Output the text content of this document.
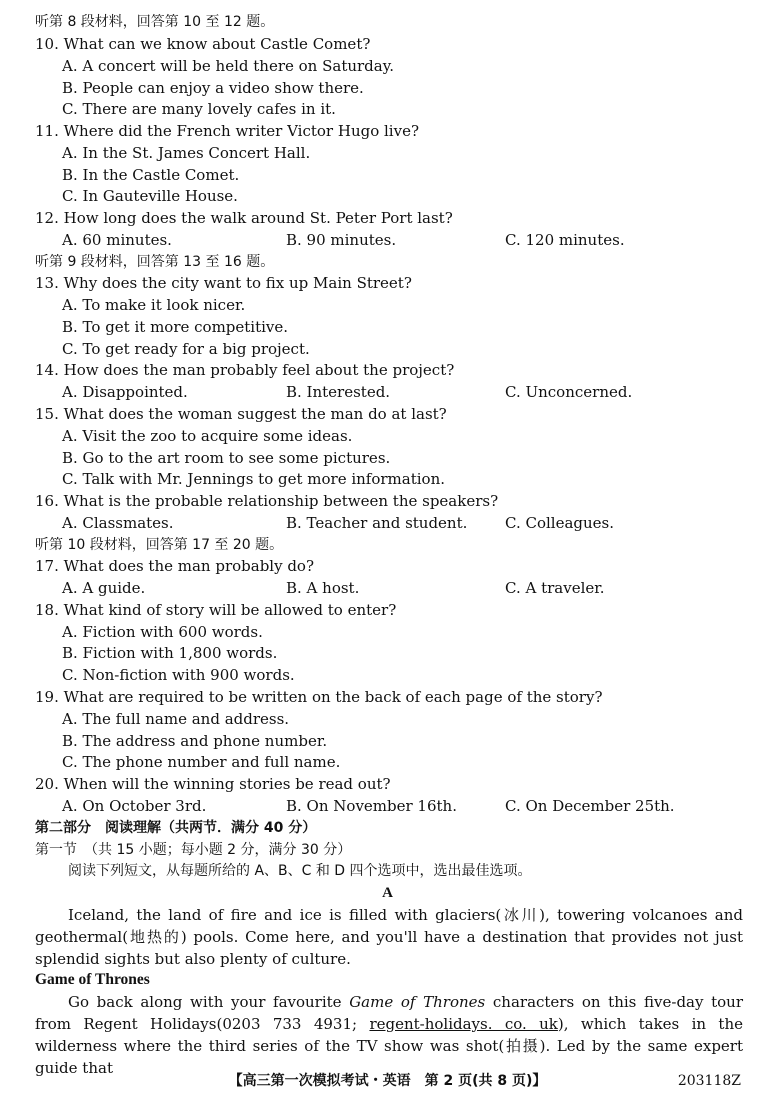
听第 8 段材料，回答第 10 至 12 题。
10. What can we know about Castle Comet?
A. A concert will be held there on Saturday.
B. People can enjoy a video show there.
C. There are many lovely cafes in it.
11. Where did the French writer Victor Hugo live?
A. In the St. James Concert Hall.
B. In the Castle Comet.
C. In Gauteville House.
12. How long does the walk around St. Peter Port last?
A. 60 minutes.	B. 90 minutes.	C. 120 minutes.
听第 9 段材料，回答第 13 至 16 题。
13. Why does the city want to fix up Main Street?
A. To make it look nicer.
B. To get it more competitive.
C. To get ready for a big project.
14. How does the man probably feel about the project?
A. Disappointed.	B. Interested.	C. Unconcerned.
15. What does the woman suggest the man do at last?
A. Visit the zoo to acquire some ideas.
B. Go to the art room to see some pictures.
C. Talk with Mr. Jennings to get more information.
16. What is the probable relationship between the speakers?
A. Classmates.	B. Teacher and student.	C. Colleagues.
听第 10 段材料，回答第 17 至 20 题。
17. What does the man probably do?
A. A guide.	B. A host.	C. A traveler.
18. What kind of story will be allowed to enter?
A. Fiction with 600 words.
B. Fiction with 1,800 words.
C. Non-fiction with 900 words.
19. What are required to be written on the back of each page of the story?
A. The full name and address.
B. The address and phone number.
C. The phone number and full name.
20. When will the winning stories be read out?
A. On October 3rd.	B. On November 16th.	C. On December 25th.
第二部分　阅读理解（共两节．满分 40 分）
第一节　（共 15 小题；每小题 2 分，满分 30 分）
阅读下列短文，从每题所给的 A、B、C 和 D 四个选项中，选出最佳选项。
A
Iceland, the land of fire and ice is filled with glaciers(冰川), towering volcanoes and geothermal(地热的) pools. Come here, and you'll have a destination that provides not just splendid sights but also plenty of culture.
Game of Thrones
Go back along with your favourite Game of Thrones characters on this five-day tour from Regent Holidays(0203 733 4931; regent-holidays. co. uk), which takes in the wilderness where the third series of the TV show was shot(拍摄). Led by the same expert guide that
【高三第一次模拟考试・英语　第 2 页(共 8 页)】	203118Z
